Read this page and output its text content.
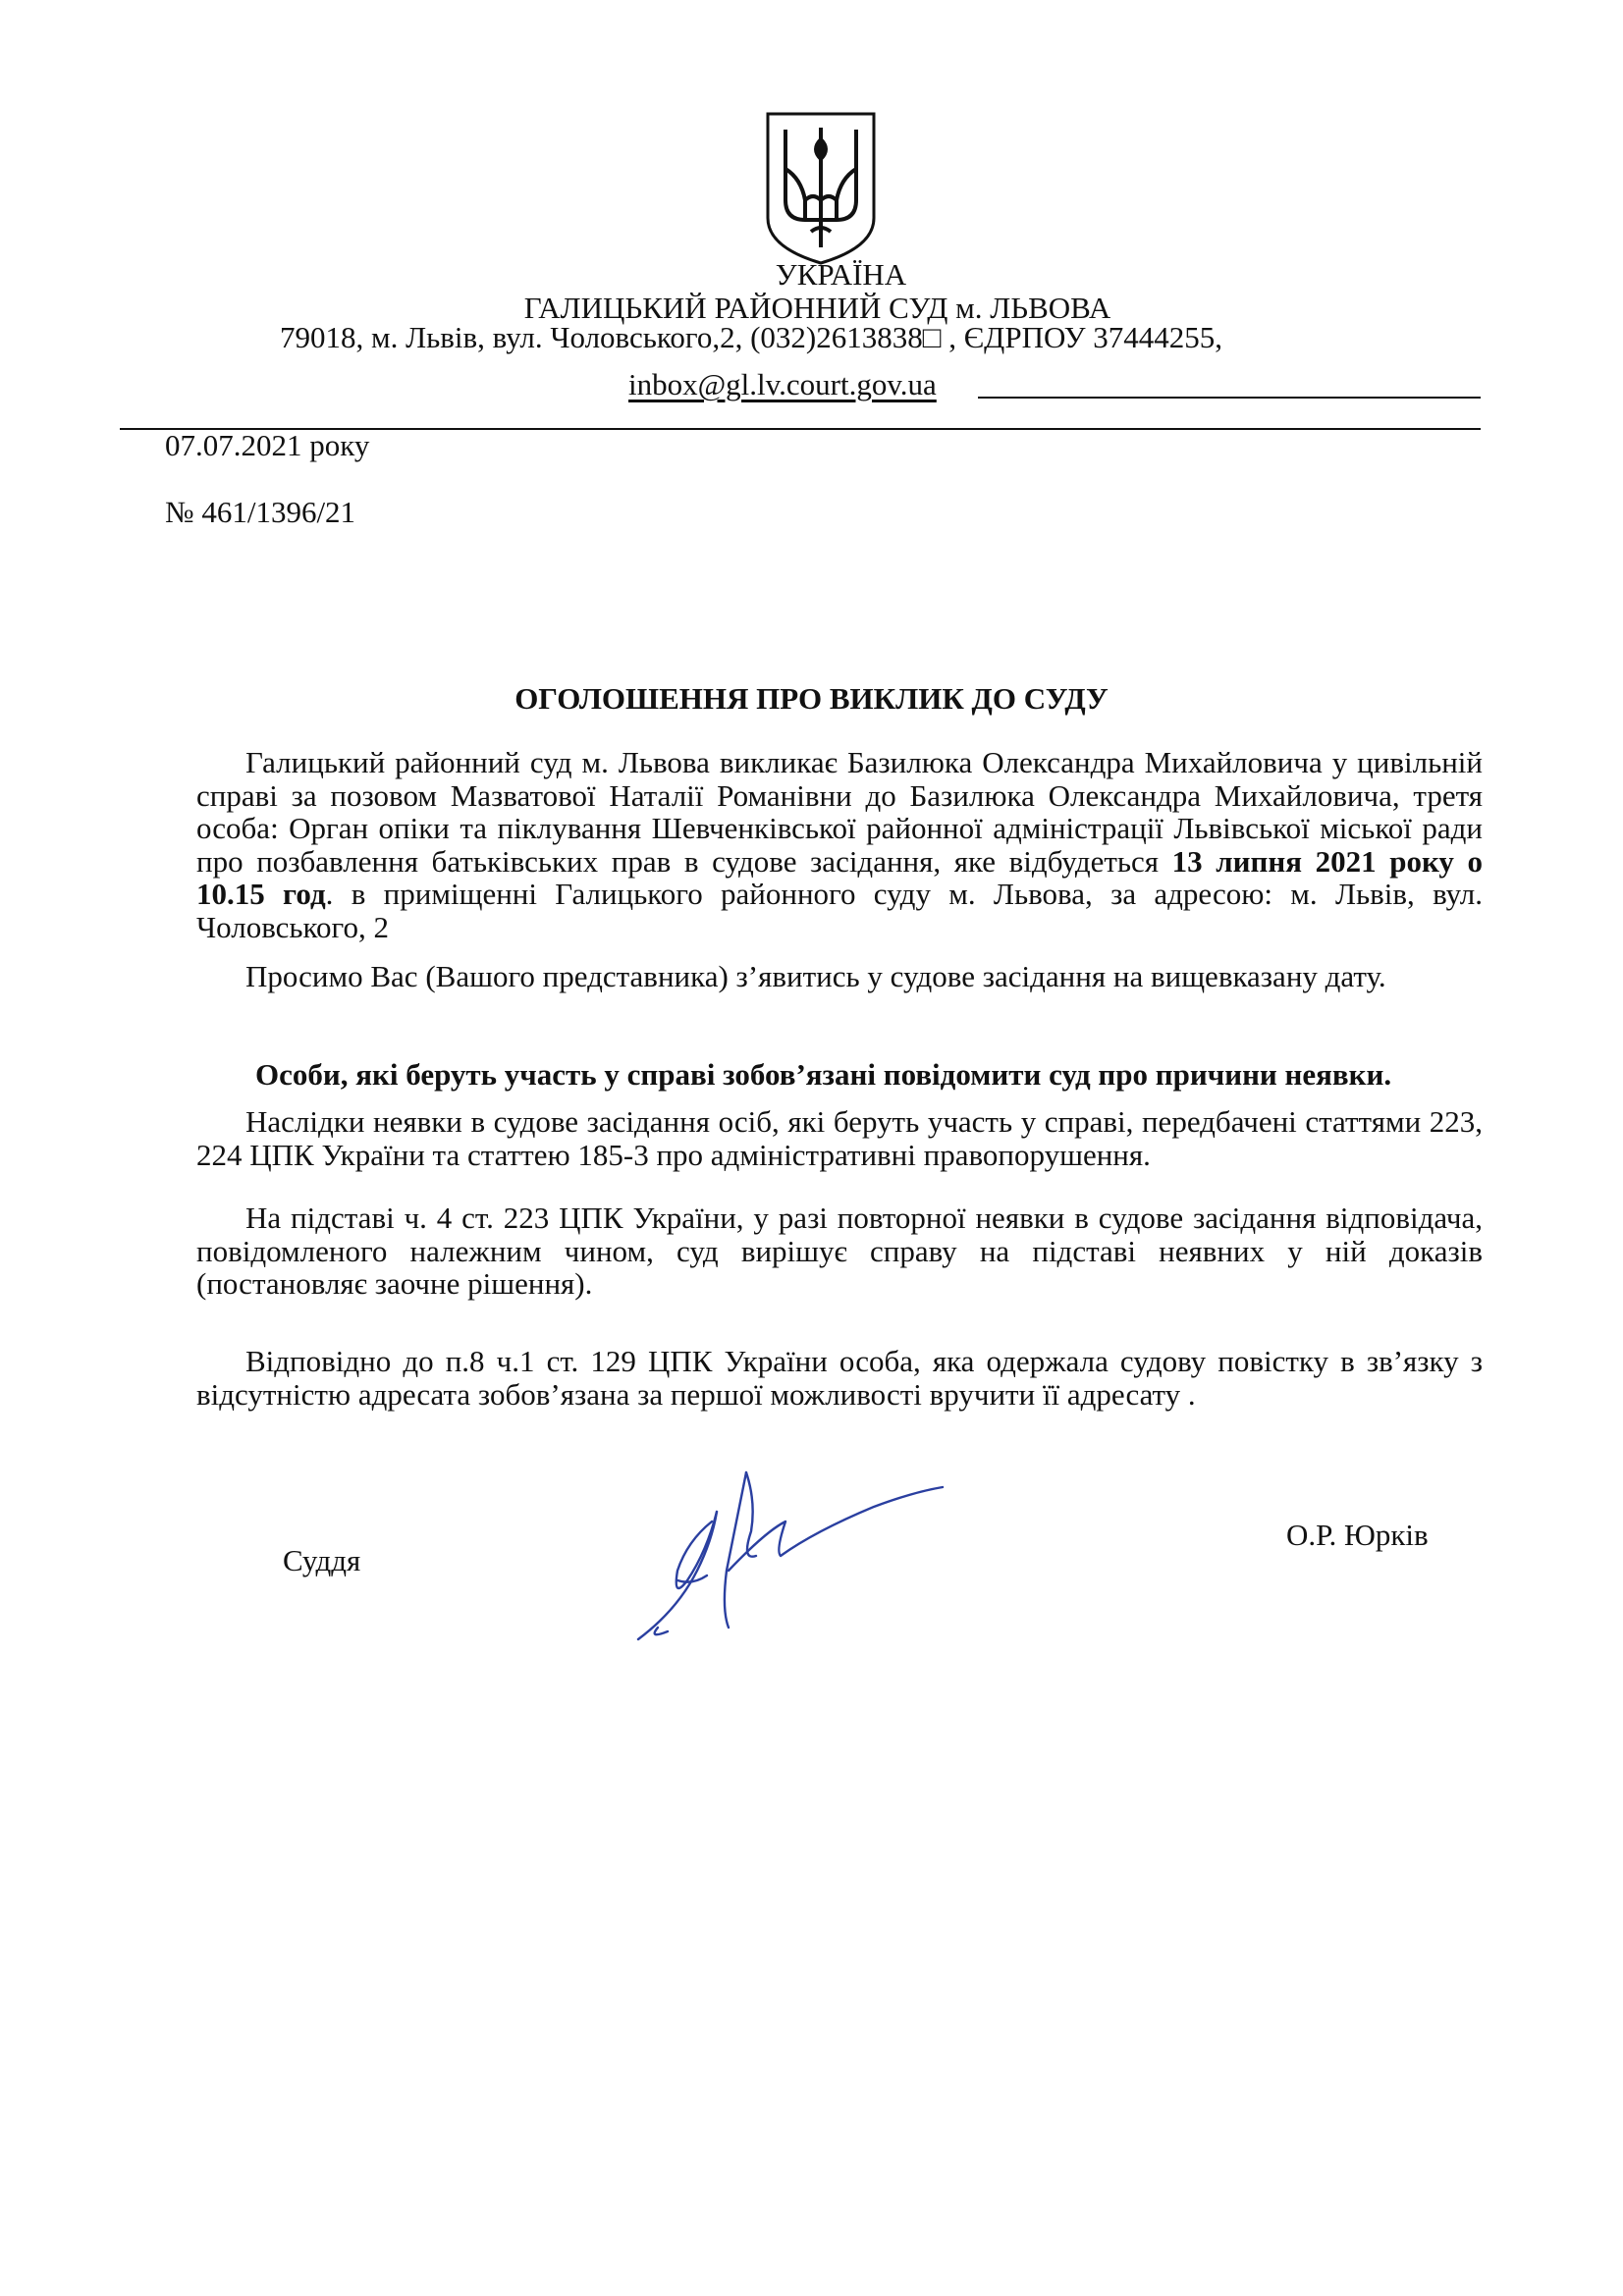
УКРАЇНА
ГАЛИЦЬКИЙ РАЙОННИЙ СУД м. ЛЬВОВА
79018, м. Львів, вул. Чоловського,2, (032)2613838□ , ЄДРПОУ 37444255,
inbox@gl.lv.court.gov.ua
07.07.2021 року
№ 461/1396/21
ОГОЛОШЕННЯ ПРО ВИКЛИК ДО СУДУ

Галицький районний суд м. Львова викликає Базилюка Олександра Михайловича у цивільній справі за позовом Мазватової Наталії Романівни до Базилюка Олександра Михайловича, третя особа: Орган опіки та піклування Шевченківської районної адміністрації Львівської міської ради про позбавлення батьківських прав в судове засідання, яке відбудеться 13 липня 2021 року о 10.15 год. в приміщенні Галицького районного суду м. Львова, за адресою: м. Львів, вул. Чоловського, 2

Просимо Вас (Вашого представника) з’явитись у судове засідання на вищевказану дату.

Особи, які беруть участь у справі зобов’язані повідомити суд про причини неявки.

Наслідки неявки в судове засідання осіб, які беруть участь у справі, передбачені статтями 223, 224 ЦПК України та статтею 185-3 про адміністративні правопорушення.

На підставі ч. 4 ст. 223 ЦПК України, у разі повторної неявки в судове засідання відповідача, повідомленого належним чином, суд вирішує справу на підставі неявних у ній доказів (постановляє заочне рішення).

Відповідно до п.8 ч.1 ст. 129 ЦПК України особа, яка одержала судову повістку в зв’язку з відсутністю адресата зобов’язана за першої можливості вручити її адресату .

Суддя
О.Р. Юрків
